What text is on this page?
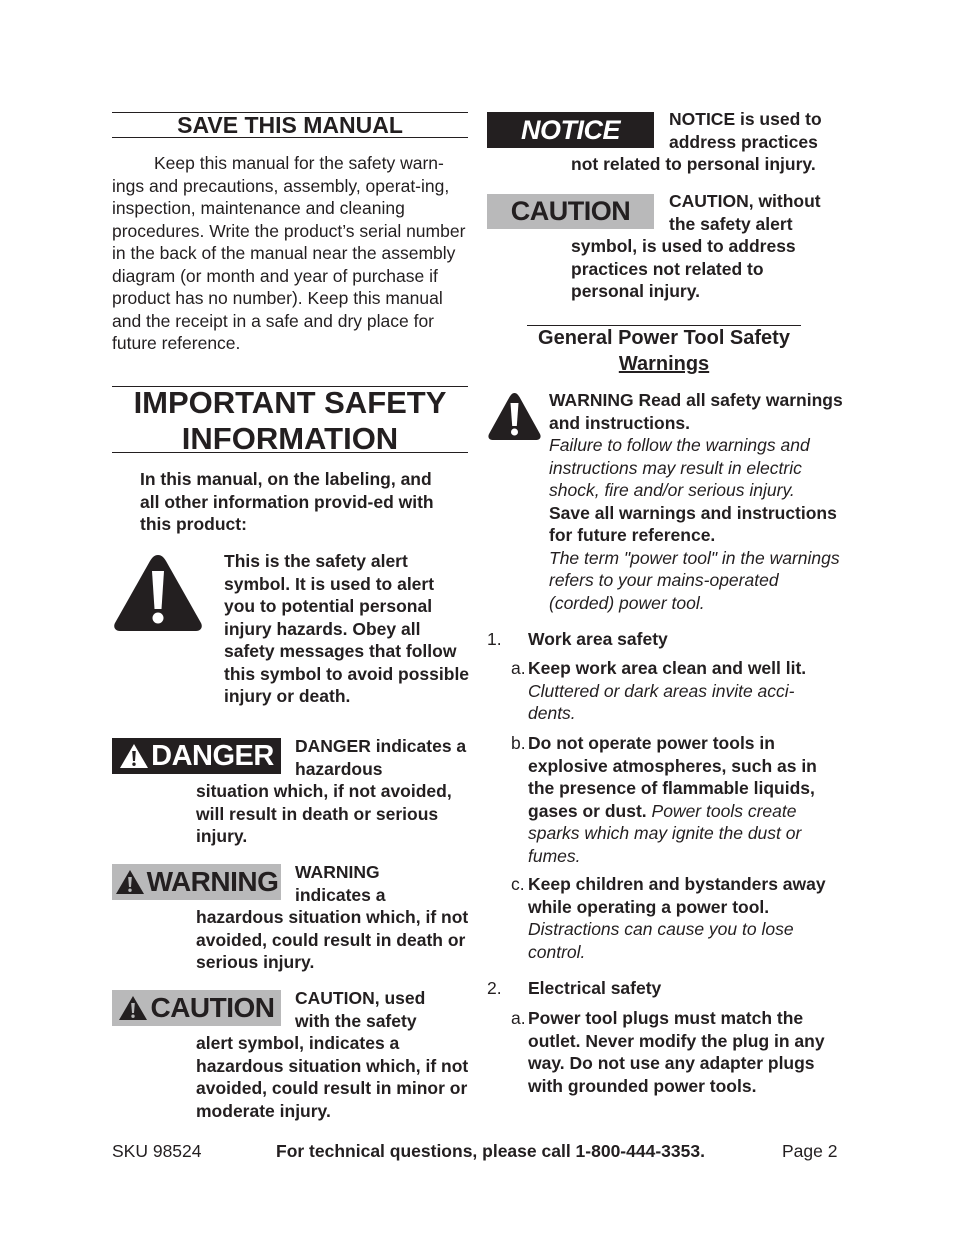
SAVE THIS MANUAL

Keep this manual for the safety warn-

ings and precautions, assembly, operat-ing, inspection, maintenance and cleaning procedures. Write the product’s serial number in the back of the manual near the assembly diagram (or month and year of purchase if product has no number). Keep this manual and the receipt in a safe and dry place for future reference.

IMPORTANT SAFETY
INFORMATION
In this manual, on the labeling, and all other information provid-ed with this product:
This is the safety alert symbol. It is used to alert you to potential personal injury hazards. Obey all safety messages that follow this symbol to avoid possible injury or death.
DANGER DANGER indicates a hazardous
situation which, if not avoided, will result in death or serious injury.
WARNING WARNING indicates a
hazardous situation which, if not avoided, could result in death or serious injury.
CAUTION CAUTION, used with the safety
alert symbol, indicates a hazardous situation which, if not avoided, could result in minor or moderate injury.
NOTICE	NOTICE is used to address practices
not related to personal injury.
CAUTION CAUTION, without the safety alert
symbol, is used to address practices not related to personal injury.
General Power Tool Safety
Warnings

WARNING Read all safety warnings and instructions.

Failure to follow the warnings and instructions may result in electric shock, fire and/or serious injury.

Save all warnings and instructions for future reference.

The term "power tool" in the warnings refers to your mains-operated (corded) power tool.

1. Work area safety
a. Keep work area clean and well lit.
Cluttered or dark areas invite acci-dents.
b. Do not operate power tools in explosive atmospheres, such as in the presence of flammable liquids, gases or dust. Power tools create sparks which may ignite the dust or fumes.
c. Keep children and bystanders away while operating a power tool.
Distractions can cause you to lose control.
2. Electrical safety
a. Power tool plugs must match the outlet. Never modify the plug in any way. Do not use any adapter plugs with grounded power tools.
SKU 98524	For technical questions, please call 1-800-444-3353.	Page 2
